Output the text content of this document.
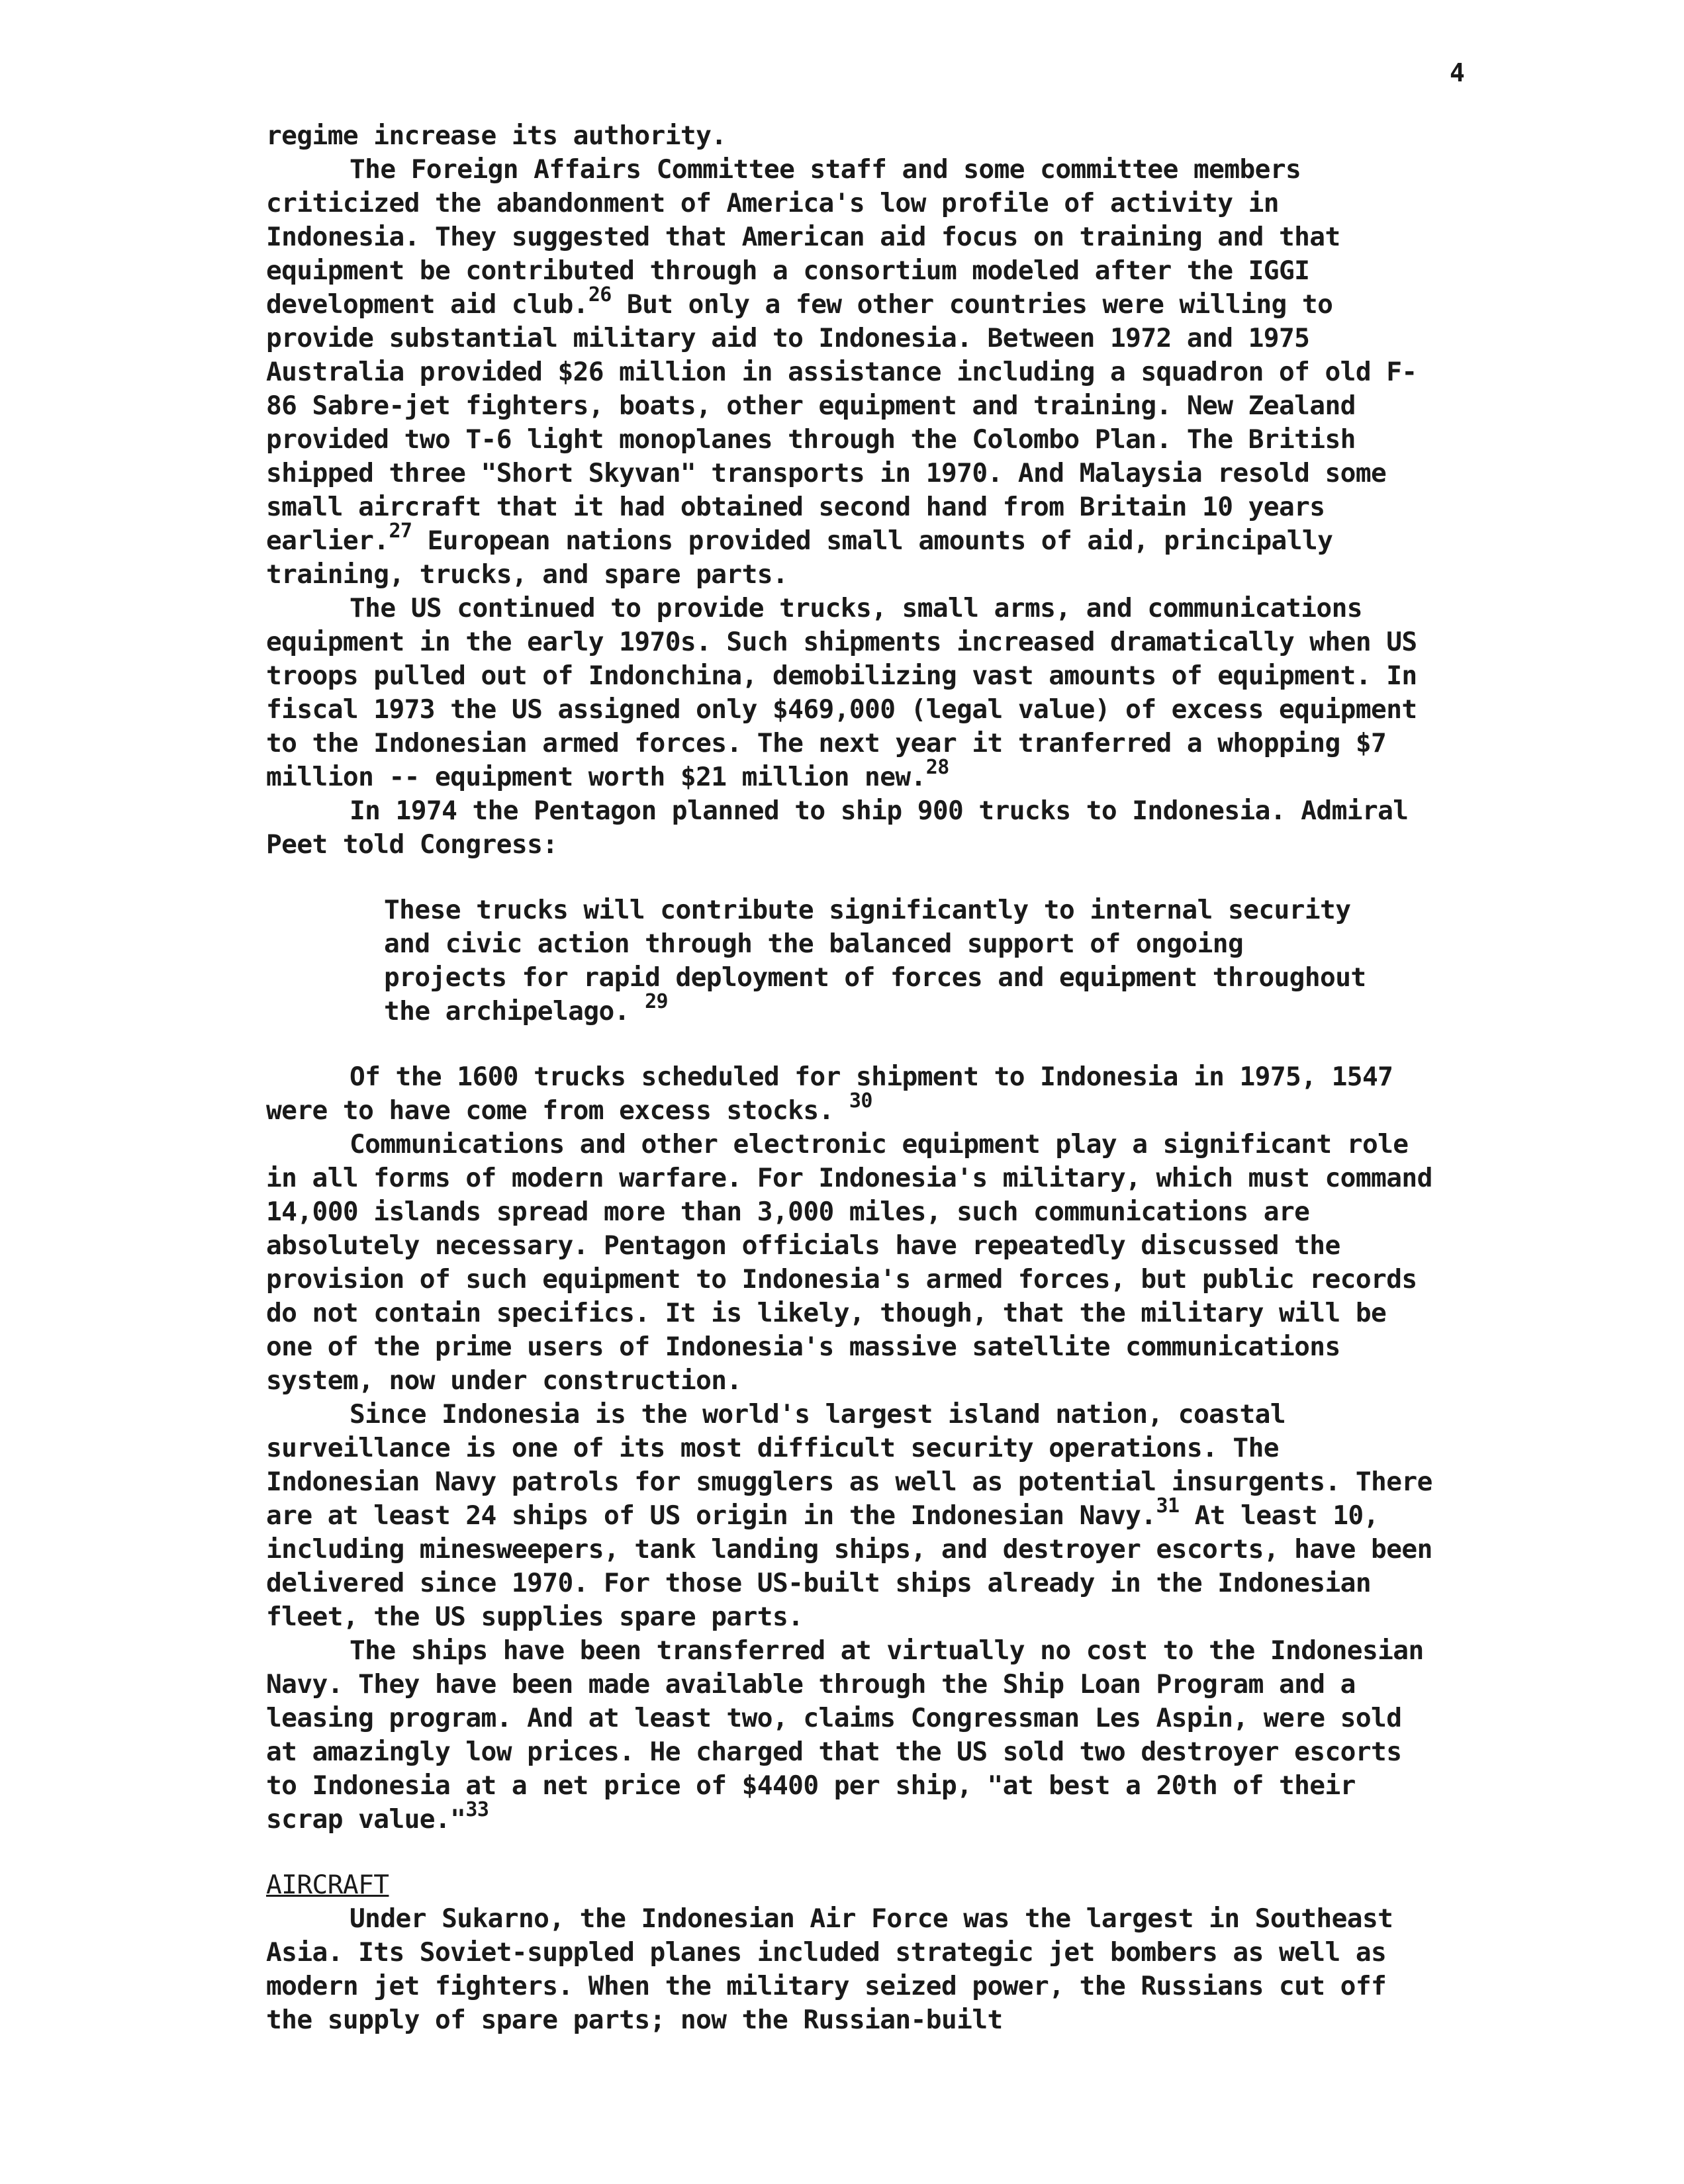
4

regime increase its authority.

The Foreign Affairs Committee staff and some committee members criticized the abandonment of America's low profile of activity in Indonesia. They suggested that American aid focus on training and that equipment be contributed through a consortium modeled after the IGGI development aid club.$^{26}$ But only a few other countries were willing to provide substantial military aid to Indonesia. Between 1972 and 1975 Australia provided $26 million in assistance including a squadron of old F-86 Sabre-jet fighters, boats, other equipment and training. New Zealand provided two T-6 light monoplanes through the Colombo Plan. The British shipped three "Short Skyvan" transports in 1970. And Malaysia resold some small aircraft that it had obtained second hand from Britain 10 years earlier.$^{27}$ European nations provided small amounts of aid, principally training, trucks, and spare parts.

The US continued to provide trucks, small arms, and communications equipment in the early 1970s. Such shipments increased dramatically when US troops pulled out of Indonchina, demobilizing vast amounts of equipment. In fiscal 1973 the US assigned only $469,000 (legal value) of excess equipment to the Indonesian armed forces. The next year it tranferred a whopping $7 million -- equipment worth $21 million new.$^{28}$

In 1974 the Pentagon planned to ship 900 trucks to Indonesia. Admiral Peet told Congress:

These trucks will contribute significantly to internal security and civic action through the balanced support of ongoing projects for rapid deployment of forces and equipment throughout the archipelago. $^{29}$

Of the 1600 trucks scheduled for shipment to Indonesia in 1975, 1547 were to have come from excess stocks. $^{30}$

Communications and other electronic equipment play a significant role in all forms of modern warfare. For Indonesia's military, which must command 14,000 islands spread more than 3,000 miles, such communications are absolutely necessary. Pentagon officials have repeatedly discussed the provision of such equipment to Indonesia's armed forces, but public records do not contain specifics. It is likely, though, that the military will be one of the prime users of Indonesia's massive satellite communications system, now under construction.

Since Indonesia is the world's largest island nation, coastal surveillance is one of its most difficult security operations. The Indonesian Navy patrols for smugglers as well as potential insurgents. There are at least 24 ships of US origin in the Indonesian Navy.$^{31}$ At least 10, including minesweepers, tank landing ships, and destroyer escorts, have been delivered since 1970. For those US-built ships already in the Indonesian fleet, the US supplies spare parts.

The ships have been transferred at virtually no cost to the Indonesian Navy. They have been made available through the Ship Loan Program and a leasing program. And at least two, claims Congressman Les Aspin, were sold at amazingly low prices. He charged that the US sold two destroyer escorts to Indonesia at a net price of $4400 per ship, "at best a 20th of their scrap value."$^{33}$

AIRCRAFT

Under Sukarno, the Indonesian Air Force was the largest in Southeast Asia. Its Soviet-suppled planes included strategic jet bombers as well as modern jet fighters. When the military seized power, the Russians cut off the supply of spare parts; now the Russian-built
